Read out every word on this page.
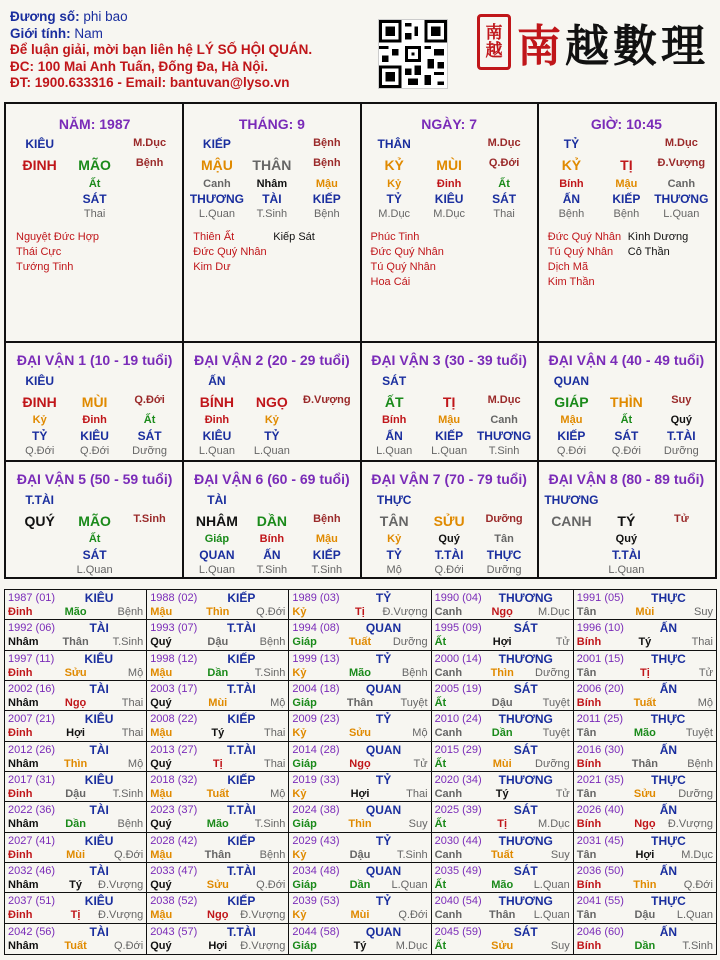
Đương số: phi bao
Giới tính: Nam
Để luận giải, mời bạn liên hệ LÝ SỐ HỘI QUÁN.
ĐC: 100 Mai Anh Tuấn, Đống Đa, Hà Nội.
ĐT: 1900.633316 - Email: bantuvan@lyso.vn
南越 南越數理
NĂM: 1987
KIÊU	M.Dục
ĐINH MÃO Bệnh
Ất
SÁT
Thai
Nguyệt Đức Hợp
Thái Cực
Tướng Tinh
THÁNG: 9
KIẾP	Bệnh
MẬU THÂN Bệnh
Canh
THƯƠNG
L.Quan
Nhâm
TÀI
T.Sinh
Mậu
KIẾP
Bệnh
Thiên Ất
Đức Quý Nhân
Kim Dư
Kiếp Sát
NGÀY: 7
THÂN	M.Dục
KỶ MÙI Q.Đới
Kỷ
TỶ
M.Dục
Đinh
KIÊU
M.Dục
Ất
SÁT
Thai
Phúc Tinh
Đức Quý Nhân
Tú Quý Nhân
Hoa Cái
GIỜ: 10:45
TỶ	M.Dục
KỶ	TỊ Đ.Vượng
Bính
ẤN
Bệnh
Mậu
KIẾP
Bệnh
Canh
THƯƠNG
L.Quan
Đức Quý Nhân
Tú Quý Nhân
Dịch Mã
Kim Thần
Kình Dương
Cô Thần
ĐẠI VẬN 1 (10 - 19 tuổi)
KIÊU
ĐINH MÙI Q.Đới
Kỷ
TỶ
Q.Đới
Đinh
KIÊU
Q.Đới
Ất
SÁT
Dưỡng
ĐẠI VẬN 2 (20 - 29 tuổi)
ẤN
BÍNH NGỌ Đ.Vượng
Đinh
KIÊU
L.Quan
Kỷ
TỶ
L.Quan
ĐẠI VẬN 3 (30 - 39 tuổi)
SÁT
ẤT	TỊ	M.Dục
Bính
ẤN
L.Quan
Mậu
KIẾP
L.Quan
Canh
THƯƠNG
T.Sinh
ĐẠI VẬN 4 (40 - 49 tuổi)
QUAN
GIÁP THÌN	Suy
Mậu
KIẾP
Q.Đới
Ất
SÁT
Q.Đới
Quý
T.TÀI
Dưỡng
ĐẠI VẬN 5 (50 - 59 tuổi)
T.TÀI
QUÝ MÃO T.Sinh
Ất
SÁT
L.Quan
ĐẠI VẬN 6 (60 - 69 tuổi)
TÀI
NHÂM DẦN Bệnh
Giáp
QUAN
L.Quan
Bính
ẤN
T.Sinh
Mậu
KIẾP
T.Sinh
ĐẠI VẬN 7 (70 - 79 tuổi)
THỰC
TÂN SỬU Dưỡng
Kỷ
TỶ
Mộ
Quý
T.TÀI
Q.Đới
Tân
THỰC
Dưỡng
ĐẠI VẬN 8 (80 - 89 tuổi)
THƯƠNG
CANH TÝ	Tử
Quý
T.TÀI
L.Quan
1987 (01)	KIÊU
Đinh	Mão	Bệnh
1988 (02)	KIẾP
Mậu	Thìn	Q.Đới
1989 (03)	TỶ
Kỷ	Tị	Đ.Vượng
1990 (04)	THƯƠNG
Canh	Ngọ	M.Dục
1991 (05)	THỰC
Tân	Mùi	Suy
1992 (06)	TÀI
Nhâm	Thân	T.Sinh
1993 (07)	T.TÀI
Quý	Dậu	Bệnh
1994 (08)	QUAN
Giáp	Tuất	Dưỡng
1995 (09)	SÁT
Ất	Hợi	Tử
1996 (10)	ẤN
Bính	Tý	Thai
1997 (11)	KIÊU
Đinh	Sửu	Mộ
1998 (12)	KIẾP
Mậu	Dần	T.Sinh
1999 (13)	TỶ
Kỷ	Mão	Bệnh
2000 (14)	THƯƠNG
Canh	Thìn	Dưỡng
2001 (15)	THỰC
Tân	Tị	Tử
2002 (16)	TÀI
Nhâm	Ngọ	Thai
2003 (17)	T.TÀI
Quý	Mùi	Mộ
2004 (18)	QUAN
Giáp	Thân	Tuyệt
2005 (19)	SÁT
Ất	Dậu	Tuyệt
2006 (20)	ẤN
Bính	Tuất	Mộ
2007 (21)	KIÊU
Đinh	Hợi	Thai
2008 (22)	KIẾP
Mậu	Tý	Thai
2009 (23)	TỶ
Kỷ	Sửu	Mộ
2010 (24)	THƯƠNG
Canh	Dần	Tuyệt
2011 (25)	THỰC
Tân	Mão	Tuyệt
2012 (26)	TÀI
Nhâm	Thìn	Mộ
2013 (27)	T.TÀI
Quý	Tị	Thai
2014 (28)	QUAN
Giáp	Ngọ	Tử
2015 (29)	SÁT
Ất	Mùi	Dưỡng
2016 (30)	ẤN
Bính	Thân	Bệnh
2017 (31)	KIÊU
Đinh	Dậu	T.Sinh
2018 (32)	KIẾP
Mậu	Tuất	Mộ
2019 (33)	TỶ
Kỷ	Hợi	Thai
2020 (34)	THƯƠNG
Canh	Tý	Tử
2021 (35)	THỰC
Tân	Sửu	Dưỡng
2022 (36)	TÀI
Nhâm	Dần	Bệnh
2023 (37)	T.TÀI
Quý	Mão	T.Sinh
2024 (38)	QUAN
Giáp	Thìn	Suy
2025 (39)	SÁT
Ất	Tị	M.Dục
2026 (40)	ẤN
Bính	Ngọ	Đ.Vượng
2027 (41)	KIÊU
Đinh	Mùi	Q.Đới
2028 (42)	KIẾP
Mậu	Thân	Bệnh
2029 (43)	TỶ
Kỷ	Dậu	T.Sinh
2030 (44)	THƯƠNG
Canh	Tuất	Suy
2031 (45)	THỰC
Tân	Hợi	M.Dục
2032 (46)	TÀI
Nhâm	Tý	Đ.Vượng
2033 (47)	T.TÀI
Quý	Sửu	Q.Đới
2034 (48)	QUAN
Giáp	Dần	L.Quan
2035 (49)	SÁT
Ất	Mão	L.Quan
2036 (50)	ẤN
Bính	Thìn	Q.Đới
2037 (51)	KIÊU
Đinh	Tị	Đ.Vượng
2038 (52)	KIẾP
Mậu	Ngọ	Đ.Vượng
2039 (53)	TỶ
Kỷ	Mùi	Q.Đới
2040 (54)	THƯƠNG
Canh	Thân	L.Quan
2041 (55)	THỰC
Tân	Dậu	L.Quan
2042 (56)	TÀI
Nhâm	Tuất	Q.Đới
2043 (57)	T.TÀI
Quý	Hợi	Đ.Vượng
2044 (58)	QUAN
Giáp	Tý	M.Dục
2045 (59)	SÁT
Ất	Sửu	Suy
2046 (60)	ẤN
Bính	Dần	T.Sinh
